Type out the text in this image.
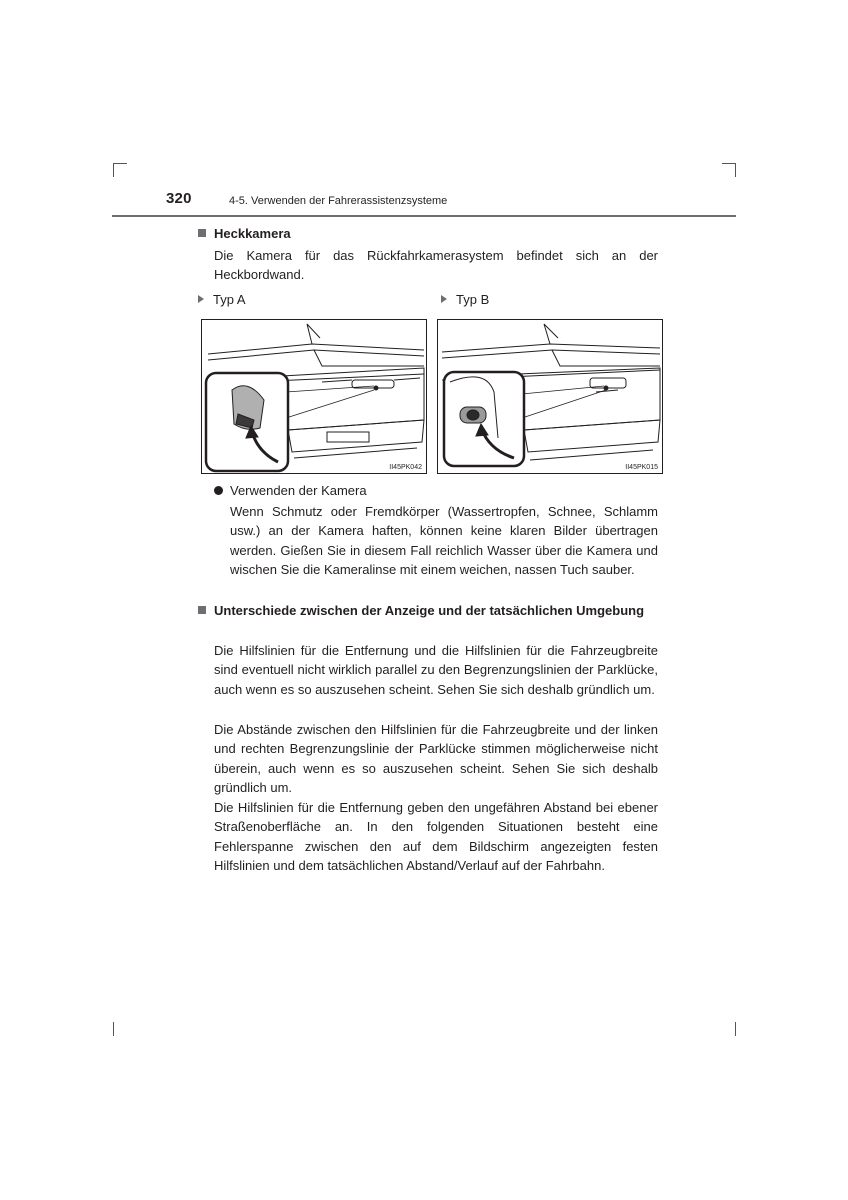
320	4-5. Verwenden der Fahrerassistenzsysteme
Heckkamera
Die Kamera für das Rückfahrkamerasystem befindet sich an der Heckbordwand.
Typ A	Typ B
II45PK042	II45PK015
Verwenden der Kamera
Wenn Schmutz oder Fremdkörper (Wassertropfen, Schnee, Schlamm usw.) an der Kamera haften, können keine klaren Bilder übertragen werden. Gießen Sie in diesem Fall reichlich Wasser über die Kamera und wischen Sie die Kameralinse mit einem weichen, nassen Tuch sauber.
Unterschiede zwischen der Anzeige und der tatsächlichen Umgebung
Die Hilfslinien für die Entfernung und die Hilfslinien für die Fahrzeugbreite sind eventuell nicht wirklich parallel zu den Begrenzungslinien der Parklücke, auch wenn es so auszusehen scheint. Sehen Sie sich deshalb gründlich um.
Die Abstände zwischen den Hilfslinien für die Fahrzeugbreite und der linken und rechten Begrenzungslinie der Parklücke stimmen möglicherweise nicht überein, auch wenn es so auszusehen scheint. Sehen Sie sich deshalb gründlich um.
Die Hilfslinien für die Entfernung geben den ungefähren Abstand bei ebener Straßenoberfläche an. In den folgenden Situationen besteht eine Fehlerspanne zwischen den auf dem Bildschirm angezeigten festen Hilfslinien und dem tatsächlichen Abstand/Verlauf auf der Fahrbahn.
